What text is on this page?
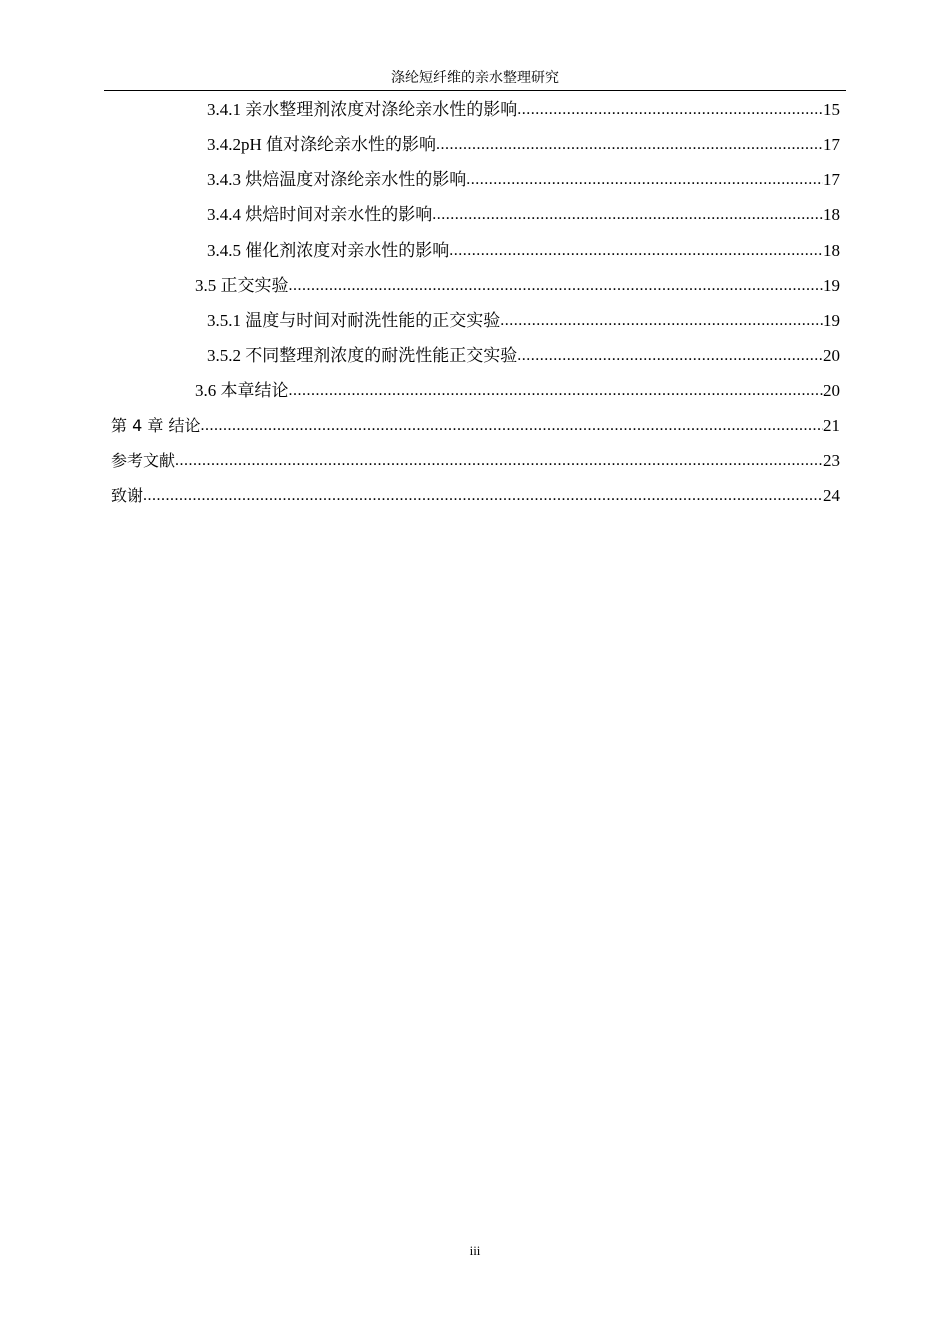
涤纶短纤维的亲水整理研究
3.4.1 亲水整理剂浓度对涤纶亲水性的影响 .....	15
3.4.2pH 值对涤纶亲水性的影响 .....	17
3.4.3 烘焙温度对涤纶亲水性的影响 .....	17
3.4.4 烘焙时间对亲水性的影响 .....	18
3.4.5 催化剂浓度对亲水性的影响 .....	18
3.5 正交实验 .....	19
3.5.1 温度与时间对耐洗性能的正交实验 .....	19
3.5.2 不同整理剂浓度的耐洗性能正交实验 .....	20
3.6 本章结论 .....	20
第 4 章 结论 .....	21
参考文献 .....	23
致谢 .....	24
iii
